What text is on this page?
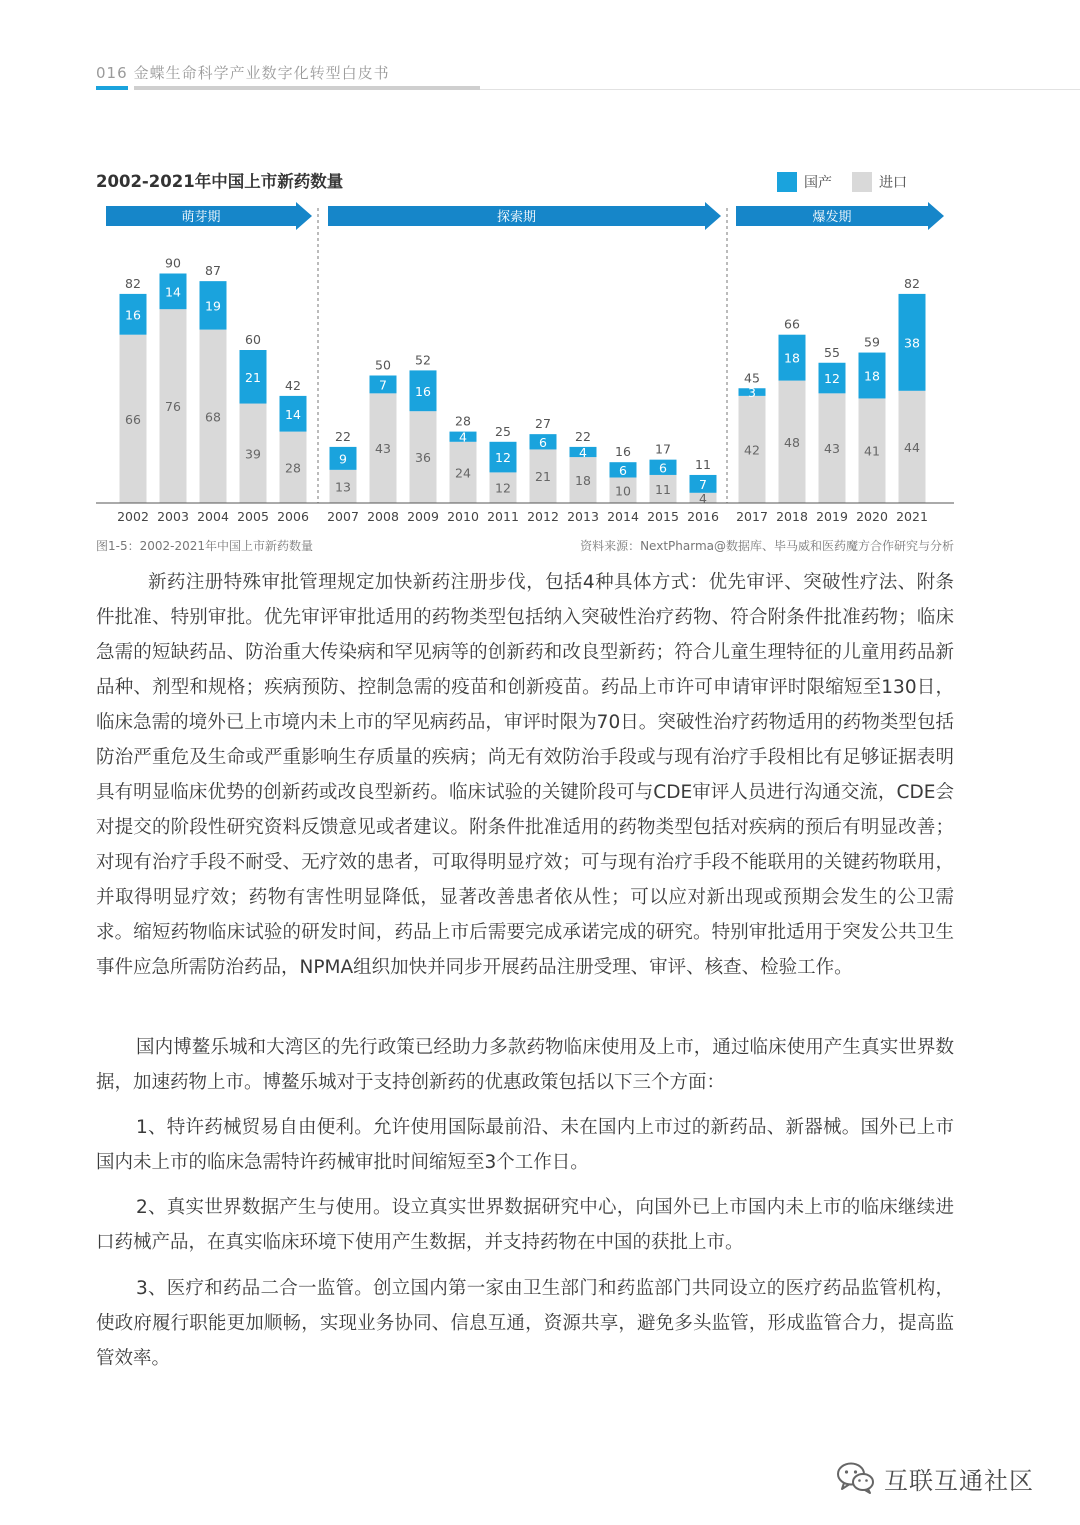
016 金蝶生命科学产业数字化转型白皮书
2002-2021年中国上市新药数量	国产	进口
萌芽期	探索期	爆发期
66
16
82
2002
76
14
90
2003
68
19
87
2004
39
21
60
2005
28
14
42
2006
13
9
22
2007
43
7
50
2008
36
16
52
2009
24
4
28
2010
12
12
25
2011
21
6
27
2012
18
4
22
2013
10
6
16
2014
11
6
17
2015
4
7
11
2016
42
3
45
2017
48
18
66
2018
43
12
55
2019
41
18
59
2020
44
38
82
2021
图1-5：2002-2021年中国上市新药数量	资料来源：NextPharma@数据库、毕马威和医药魔方合作研究与分析
新药注册特殊审批管理规定加快新药注册步伐，包括4种具体方式：优先审评、突破性疗法、附条件批准、特别审批。优先审评审批适用的药物类型包括纳入突破性治疗药物、符合附条件批准药物；临床急需的短缺药品、防治重大传染病和罕见病等的创新药和改良型新药；符合儿童生理特征的儿童用药品新品种、剂型和规格；疾病预防、控制急需的疫苗和创新疫苗。药品上市许可申请审评时限缩短至130日，临床急需的境外已上市境内未上市的罕见病药品，审评时限为70日。突破性治疗药物适用的药物类型包括防治严重危及生命或严重影响生存质量的疾病；尚无有效防治手段或与现有治疗手段相比有足够证据表明具有明显临床优势的创新药或改良型新药。临床试验的关键阶段可与CDE审评人员进行沟通交流，CDE会对提交的阶段性研究资料反馈意见或者建议。附条件批准适用的药物类型包括对疾病的预后有明显改善；对现有治疗手段不耐受、无疗效的患者，可取得明显疗效；可与现有治疗手段不能联用的关键药物联用，并取得明显疗效；药物有害性明显降低，显著改善患者依从性；可以应对新出现或预期会发生的公卫需求。缩短药物临床试验的研发时间，药品上市后需要完成承诺完成的研究。特别审批适用于突发公共卫生事件应急所需防治药品，NPMA组织加快并同步开展药品注册受理、审评、核查、检验工作。
国内博鳌乐城和大湾区的先行政策已经助力多款药物临床使用及上市，通过临床使用产生真实世界数据，加速药物上市。博鳌乐城对于支持创新药的优惠政策包括以下三个方面：
1、特许药械贸易自由便利。允许使用国际最前沿、未在国内上市过的新药品、新器械。国外已上市国内未上市的临床急需特许药械审批时间缩短至3个工作日。
2、真实世界数据产生与使用。设立真实世界数据研究中心，向国外已上市国内未上市的临床继续进口药械产品，在真实临床环境下使用产生数据，并支持药物在中国的获批上市。
3、医疗和药品二合一监管。创立国内第一家由卫生部门和药监部门共同设立的医疗药品监管机构，使政府履行职能更加顺畅，实现业务协同、信息互通，资源共享，避免多头监管，形成监管合力，提高监管效率。
互联互通社区
